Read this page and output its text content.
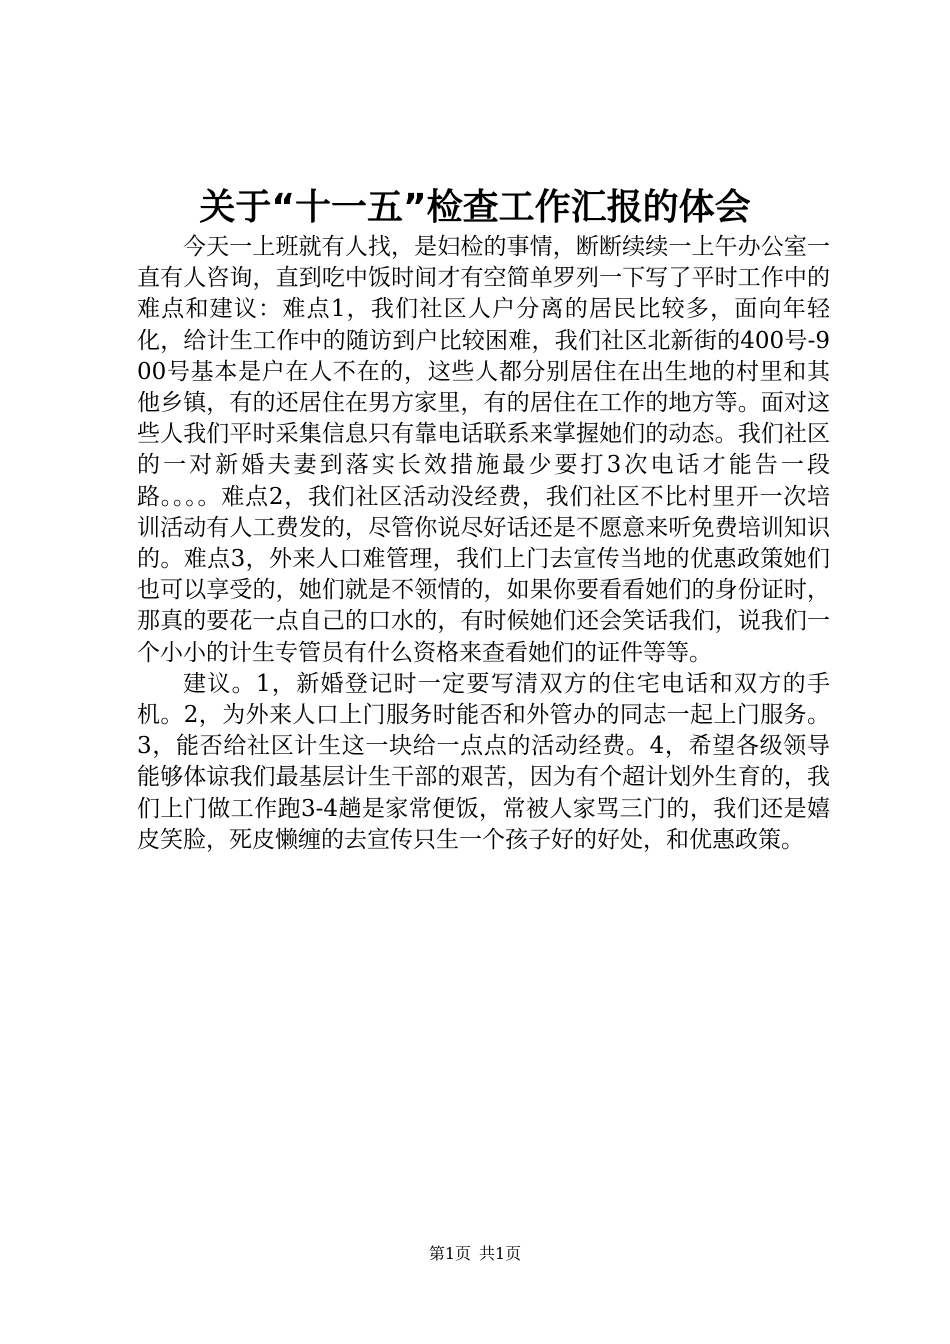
关于“十一五”检查工作汇报的体会

今天一上班就有人找，是妇检的事情，断断续续一上午办公室一直有人咨询，直到吃中饭时间才有空简单罗列一下写了平时工作中的难点和建议：难点1，我们社区人户分离的居民比较多，面向年轻化，给计生工作中的随访到户比较困难，我们社区北新街的400号-900号基本是户在人不在的，这些人都分别居住在出生地的村里和其他乡镇，有的还居住在男方家里，有的居住在工作的地方等。面对这些人我们平时采集信息只有靠电话联系来掌握她们的动态。我们社区的一对新婚夫妻到落实长效措施最少要打3次电话才能告一段路。。。。难点2，我们社区活动没经费，我们社区不比村里开一次培训活动有人工费发的，尽管你说尽好话还是不愿意来听免费培训知识的。难点3，外来人口难管理，我们上门去宣传当地的优惠政策她们也可以享受的，她们就是不领情的，如果你要看看她们的身份证时，那真的要花一点自己的口水的，有时候她们还会笑话我们，说我们一个小小的计生专管员有什么资格来查看她们的证件等等。

建议。1，新婚登记时一定要写清双方的住宅电话和双方的手机。2，为外来人口上门服务时能否和外管办的同志一起上门服务。3，能否给社区计生这一块给一点点的活动经费。4，希望各级领导能够体谅我们最基层计生干部的艰苦，因为有个超计划外生育的，我们上门做工作跑3-4趟是家常便饭，常被人家骂三门的，我们还是嬉皮笑脸，死皮懒缠的去宣传只生一个孩子好的好处，和优惠政策。

第1页 共1页
